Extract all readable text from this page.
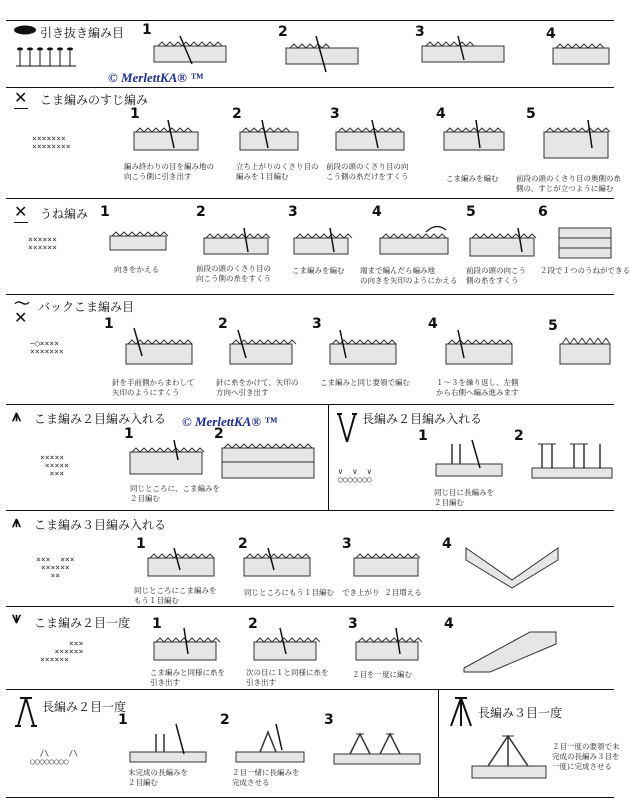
引き抜き編み目
© MerlettKA® ™
1	2	3	4
✕ こま編みのすじ編み
×××××××
××××××××
1
編み終わりの目を編み地の
向こう側に引き出す
2
立ち上がりのくさり目の
編みを１目編む
3
前段の頭のくさり目の向
こう側の糸だけをすくう
4
こま編みを編む
5
前段の頭のくさり目の奥側の糸
側の、すじが立つように編む
✕ うね編み
××××××
××××××
1
向きをかえる
2
前段の頭のくさり目の
向こう側の糸をすくう
3
こま編みを編む
4
端まで編んだら編み地
の向きを矢印のようにかえる
5
前段の頭の向こう
側の糸をすくう
6
２段で１つのうねができる
〜
✕
バックこま編み目
~○××××
×××××××
1
針を手前側からまわして
矢印のようにすくう
2
針に糸をかけて、矢印の
方向へ引き出す
3
こま編みと同じ要領で編む
4
１～３を繰り返し、左側
から右側へ編み進みます
5
⩚ こま編み２目編み入れる © MerlettKA® ™
×××××
×××××
×××
1
同じところに、こま編みを
２目編む
2
長編み２目編み入れる
∨  ∨  ∨
○○○○○○○
1
同じ目に長編みを
２目編む
2
⩚ こま編み３目編み入れる
×××  ×××
××××××
××
1
同じところにこま編みを
もう１目編む
2
同じところにもう１目編む
3
でき上がり  ２目増える
4
⩛ こま編み２目一度
×××
××××××
××××××
1
こま編みと同様に糸を
引き出す
2
次の目に１と同様に糸を
引き出す
3
２目を一度に編む
4
長編み２目一度
/\    /\
○○○○○○○○
1
未完成の長編みを
２目編む
2
２目一緒に長編みを
完成させる
3	長編み３目一度
２目一度の要領で未
完成の長編み３目を
一度に完成させる
